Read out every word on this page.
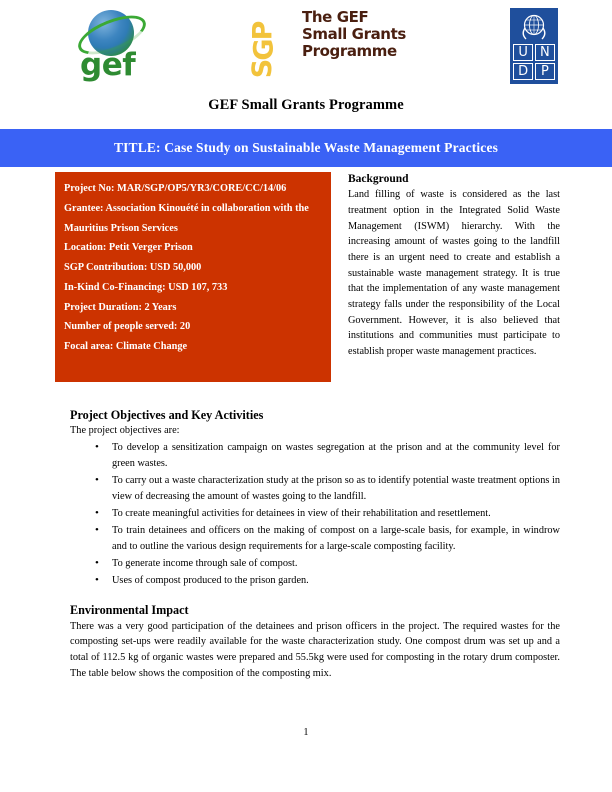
gef	S
G
P
The GEF
Small Grants
Programme	U N
D P
GEF Small Grants Programme
TITLE: Case Study on Sustainable Waste Management Practices
Project No: MAR/SGP/OP5/YR3/CORE/CC/14/06
Grantee: Association Kinouété in collaboration with the Mauritius Prison Services
Location: Petit Verger Prison
SGP Contribution: USD 50,000
In-Kind Co-Financing: USD 107, 733
Project Duration: 2 Years
Number of people served: 20
Focal area: Climate Change
Background

Land filling of waste is considered as the last treatment option in the Integrated Solid Waste Management (ISWM) hierarchy. With the increasing amount of wastes going to the landfill there is an urgent need to create and establish a sustainable waste management strategy. It is true that the implementation of any waste management strategy falls under the responsibility of the Local Government. However, it is also believed that institutions and communities must participate to establish proper waste management practices.

Project Objectives and Key Activities

The project objectives are:

• To develop a sensitization campaign on wastes segregation at the prison and at the community level for green wastes.
• To carry out a waste characterization study at the prison so as to identify potential waste treatment options in view of decreasing the amount of wastes going to the landfill.
• To create meaningful activities for detainees in view of their rehabilitation and resettlement.
• To train detainees and officers on the making of compost on a large-scale basis, for example, in windrow and to outline the various design requirements for a large-scale composting facility.
• To generate income through sale of compost.
• Uses of compost produced to the prison garden.
Environmental Impact

There was a very good participation of the detainees and prison officers in the project. The required wastes for the composting set-ups were readily available for the waste characterization study. One compost drum was set up and a total of 112.5 kg of organic wastes were prepared and 55.5kg were used for composting in the rotary drum composter. The table below shows the composition of the composting mix.

1
